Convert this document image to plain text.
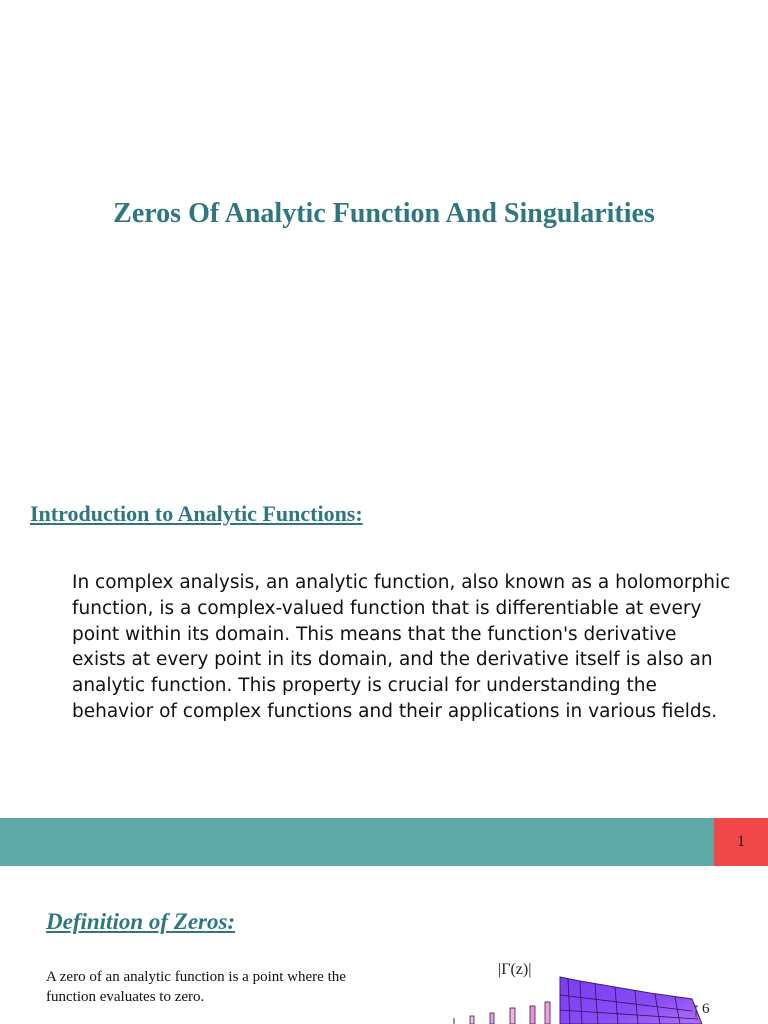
Zeros Of Analytic Function And Singularities
Introduction to Analytic Functions:

In complex analysis, an analytic function, also known as a holomorphic function, is a complex-valued function that is differentiable at every point within its domain. This means that the function's derivative exists at every point in its domain, and the derivative itself is also an analytic function. This property is crucial for understanding the behavior of complex functions and their applications in various fields.

1
Definition of Zeros:

A zero of an analytic function is a point where the function evaluates to zero.

|Γ(z)|
6
